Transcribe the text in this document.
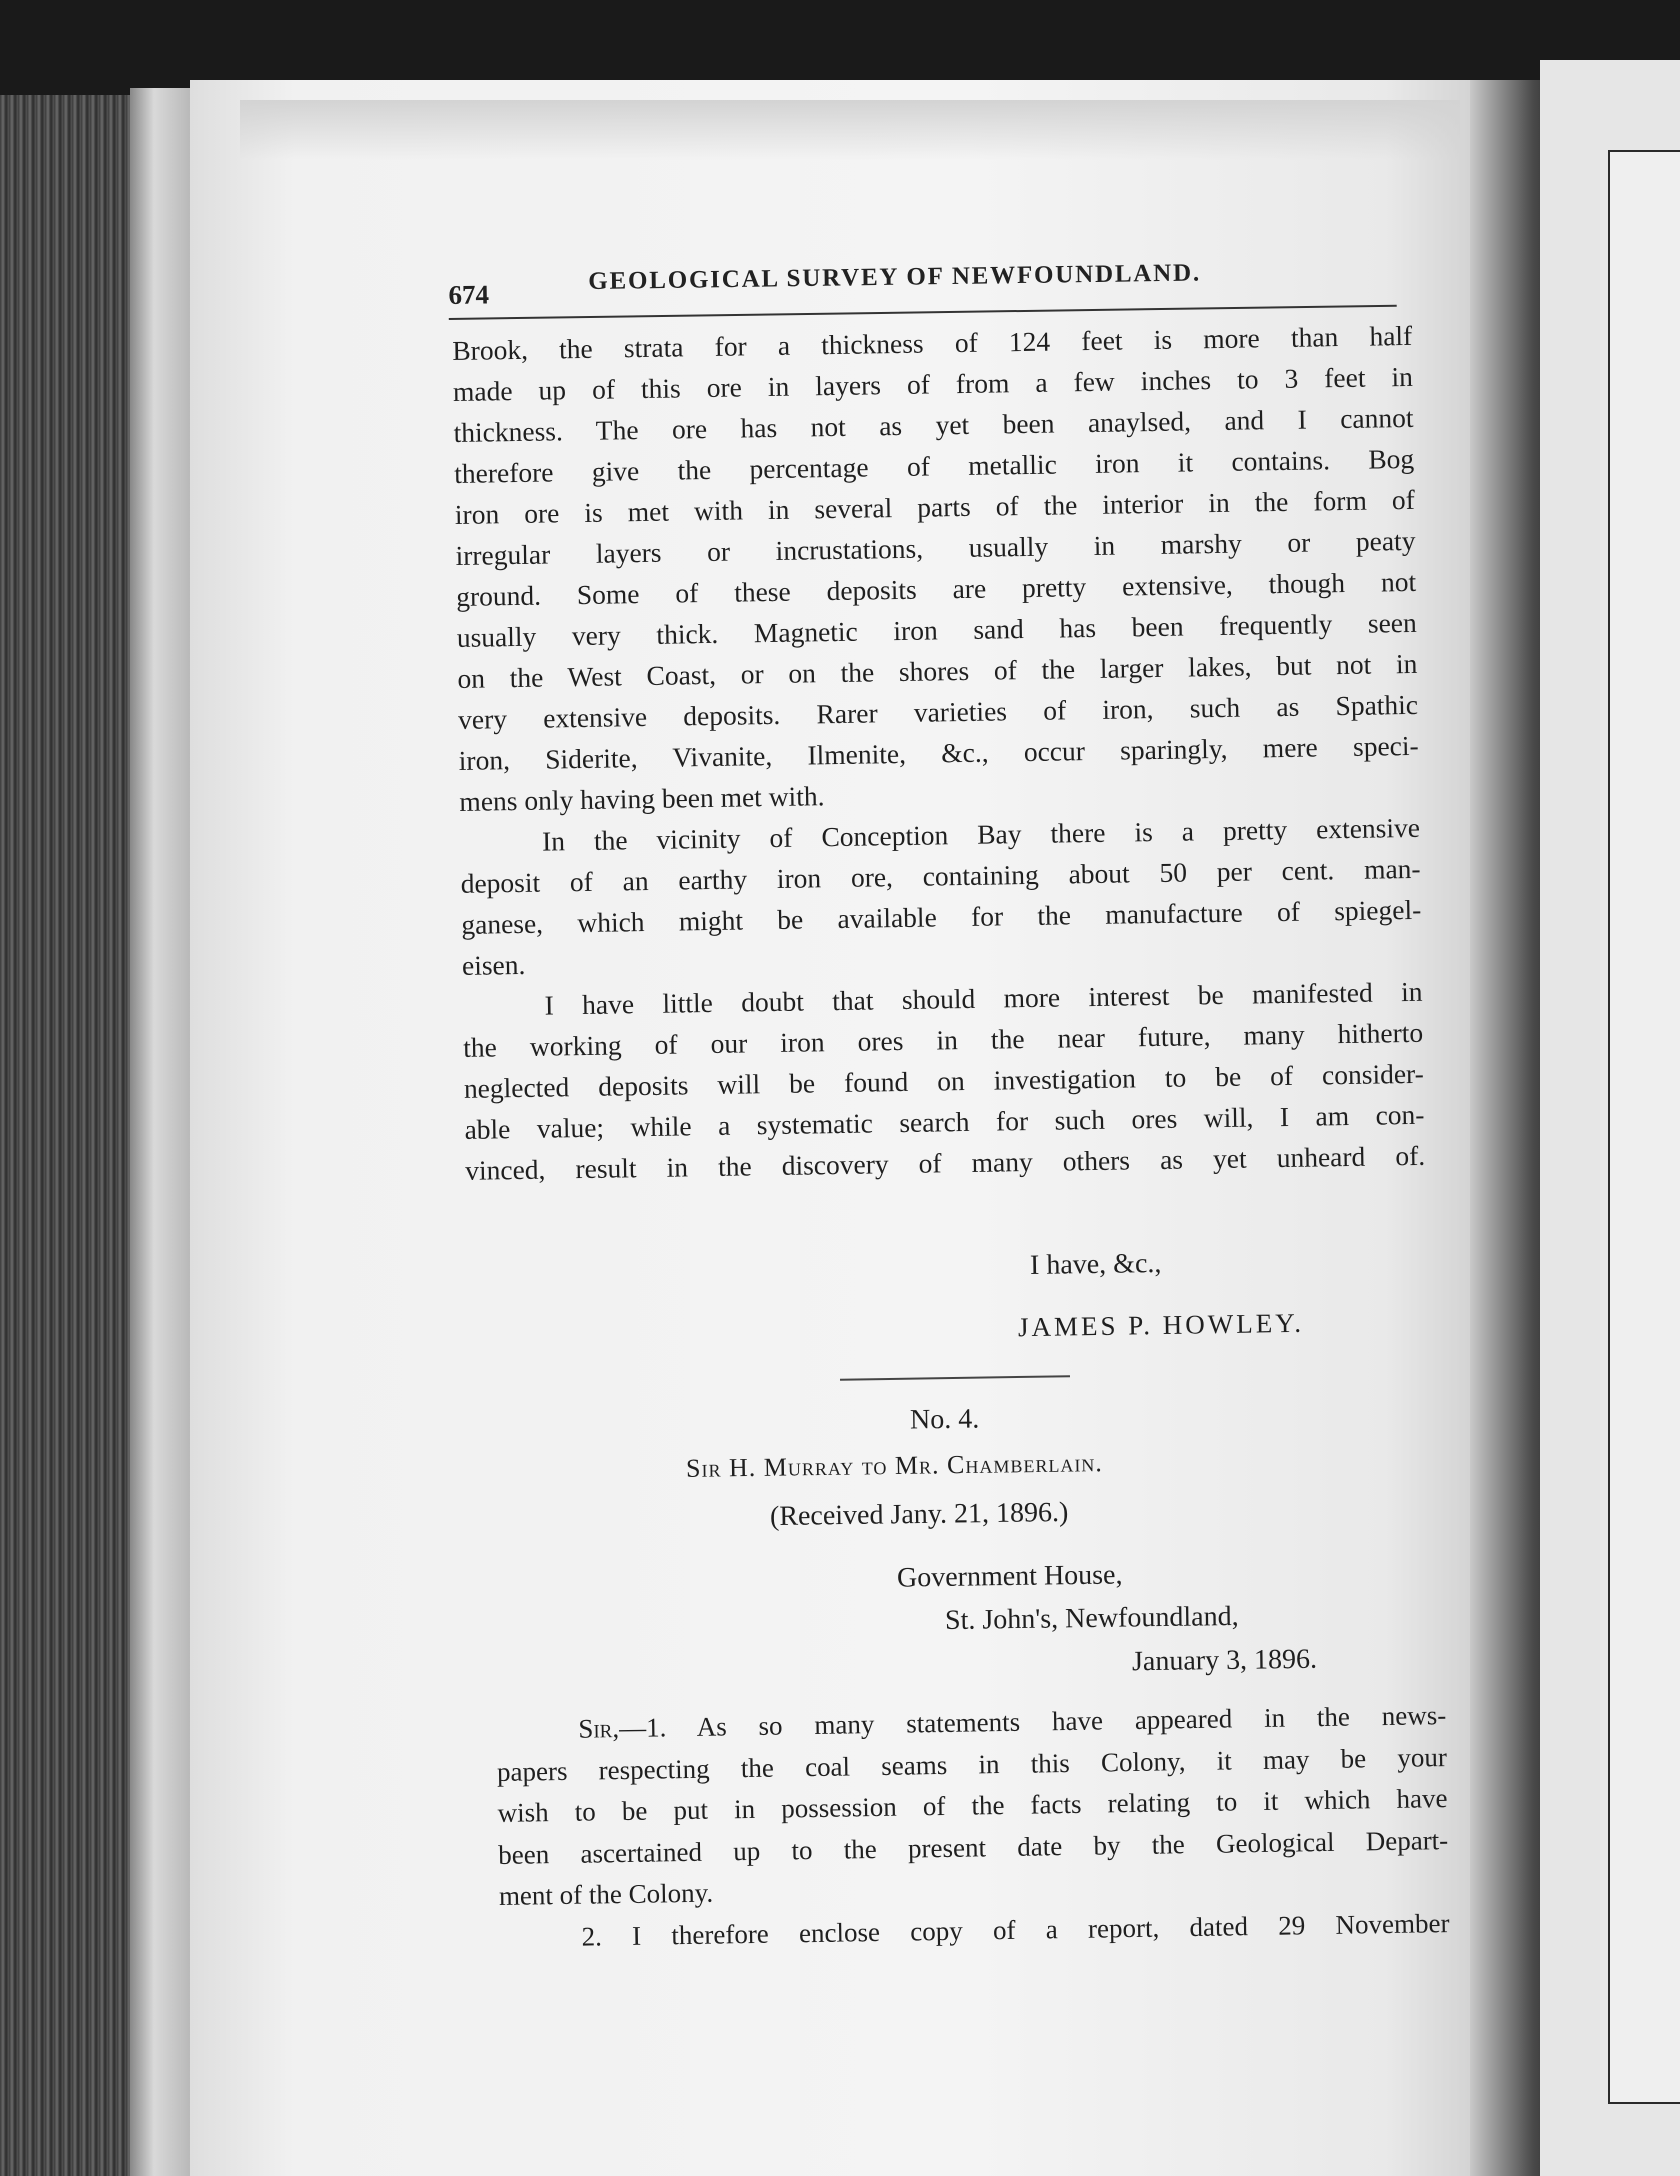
674	GEOLOGICAL SURVEY OF NEWFOUNDLAND.
Brook, the strata for a thickness of 124 feet is more than half
made up of this ore in layers of from a few inches to 3 feet in
thickness. The ore has not as yet been anaylsed, and I cannot
therefore give the percentage of metallic iron it contains. Bog
iron ore is met with in several parts of the interior in the form of
irregular layers or incrustations, usually in marshy or peaty
ground. Some of these deposits are pretty extensive, though not
usually very thick. Magnetic iron sand has been frequently seen
on the West Coast, or on the shores of the larger lakes, but not in
very extensive deposits. Rarer varieties of iron, such as Spathic
iron, Siderite, Vivanite, Ilmenite, &c., occur sparingly, mere speci-
mens only having been met with.
In the vicinity of Conception Bay there is a pretty extensive
deposit of an earthy iron ore, containing about 50 per cent. man-
ganese, which might be available for the manufacture of spiegel-
eisen.
I have little doubt that should more interest be manifested in
the working of our iron ores in the near future, many hitherto
neglected deposits will be found on investigation to be of consider-
able value; while a systematic search for such ores will, I am con-
vinced, result in the discovery of many others as yet unheard of.
I have, &c.,
JAMES P. HOWLEY.
No. 4.
Sir H. Murray to Mr. Chamberlain.
(Received Jany. 21, 1896.)
Government House,
St. John's, Newfoundland,
January 3, 1896.
Sir,—1. As so many statements have appeared in the news-
papers respecting the coal seams in this Colony, it may be your
wish to be put in possession of the facts relating to it which have
been ascertained up to the present date by the Geological Depart-
ment of the Colony.
2. I therefore enclose copy of a report, dated 29 November
